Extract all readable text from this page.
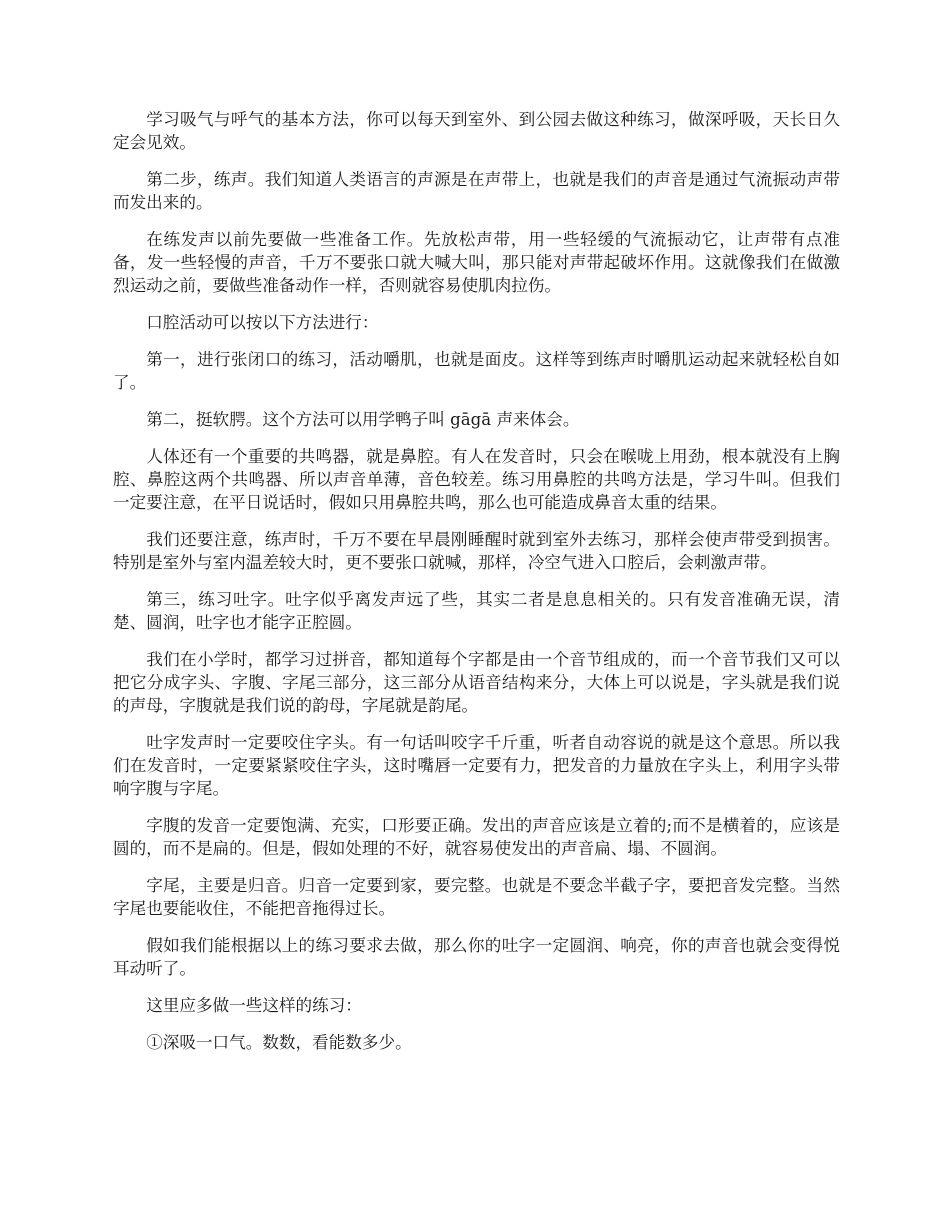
学习吸气与呼气的基本方法，你可以每天到室外、到公园去做这种练习，做深呼吸，天长日久定会见效。

第二步，练声。我们知道人类语言的声源是在声带上，也就是我们的声音是通过气流振动声带而发出来的。

在练发声以前先要做一些准备工作。先放松声带，用一些轻缓的气流振动它，让声带有点准备，发一些轻慢的声音，千万不要张口就大喊大叫，那只能对声带起破坏作用。这就像我们在做激烈运动之前，要做些准备动作一样，否则就容易使肌肉拉伤。

口腔活动可以按以下方法进行：

第一，进行张闭口的练习，活动嚼肌，也就是面皮。这样等到练声时嚼肌运动起来就轻松自如了。

第二，挺软腭。这个方法可以用学鸭子叫 gāgā 声来体会。

人体还有一个重要的共鸣器，就是鼻腔。有人在发音时，只会在喉咙上用劲，根本就没有上胸腔、鼻腔这两个共鸣器、所以声音单薄，音色较差。练习用鼻腔的共鸣方法是，学习牛叫。但我们一定要注意，在平日说话时，假如只用鼻腔共鸣，那么也可能造成鼻音太重的结果。

我们还要注意，练声时，千万不要在早晨刚睡醒时就到室外去练习，那样会使声带受到损害。特别是室外与室内温差较大时，更不要张口就喊，那样，冷空气进入口腔后，会刺激声带。

第三，练习吐字。吐字似乎离发声远了些，其实二者是息息相关的。只有发音准确无误，清楚、圆润，吐字也才能字正腔圆。

我们在小学时，都学习过拼音，都知道每个字都是由一个音节组成的，而一个音节我们又可以把它分成字头、字腹、字尾三部分，这三部分从语音结构来分，大体上可以说是，字头就是我们说的声母，字腹就是我们说的韵母，字尾就是韵尾。

吐字发声时一定要咬住字头。有一句话叫咬字千斤重，听者自动容说的就是这个意思。所以我们在发音时，一定要紧紧咬住字头，这时嘴唇一定要有力，把发音的力量放在字头上，利用字头带响字腹与字尾。

字腹的发音一定要饱满、充实，口形要正确。发出的声音应该是立着的;而不是横着的，应该是圆的，而不是扁的。但是，假如处理的不好，就容易使发出的声音扁、塌、不圆润。

字尾，主要是归音。归音一定要到家，要完整。也就是不要念半截子字，要把音发完整。当然字尾也要能收住，不能把音拖得过长。

假如我们能根据以上的练习要求去做，那么你的吐字一定圆润、响亮，你的声音也就会变得悦耳动听了。

这里应多做一些这样的练习：

①深吸一口气。数数，看能数多少。
